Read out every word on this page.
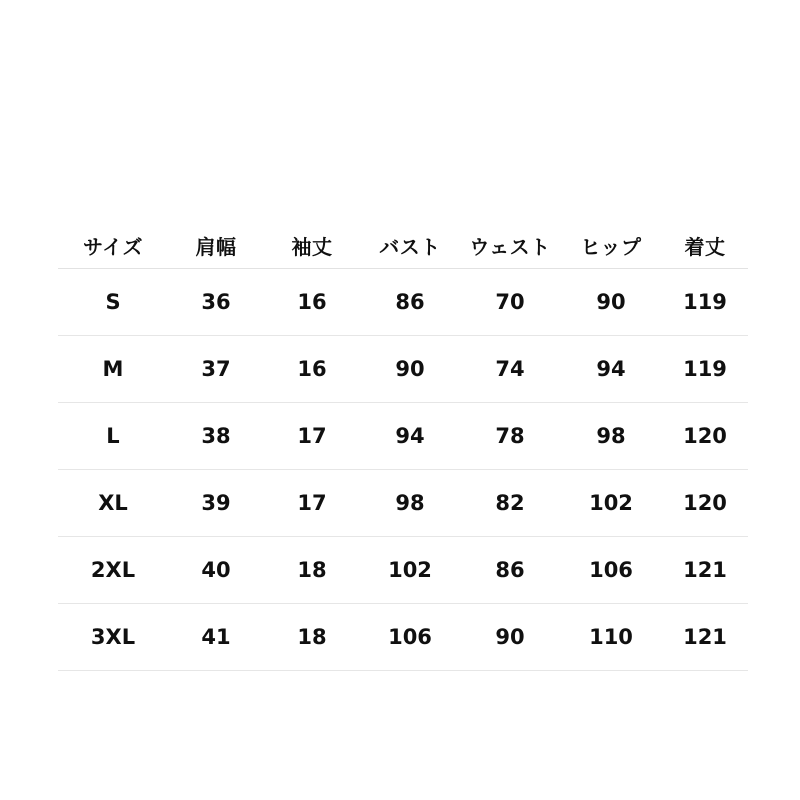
サイズ	肩幅	袖丈	バスト	ウェスト	ヒップ	着丈
S	36	16	86	70	90	119
M	37	16	90	74	94	119
L	38	17	94	78	98	120
XL	39	17	98	82	102	120
2XL	40	18	102	86	106	121
3XL	41	18	106	90	110	121
